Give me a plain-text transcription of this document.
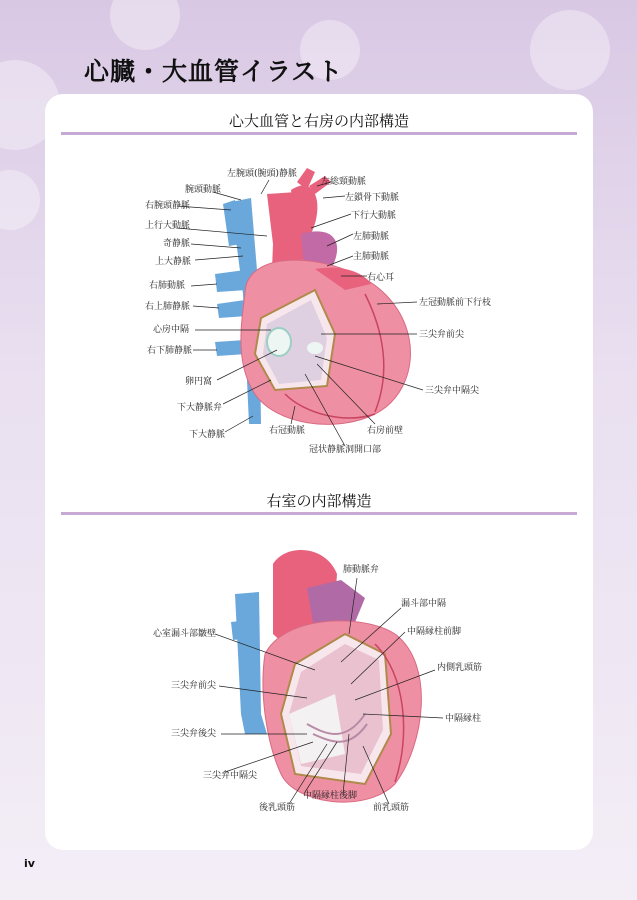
心臓・大血管イラスト
心大血管と右房の内部構造
右室の内部構造
左腕頭(腕頭)静脈
腕頭動脈
右腕頭静脈
上行大動脈
奇静脈
上大静脈
右肺動脈
右上肺静脈
心房中隔
右下肺静脈
卵円窩
下大静脈弁
下大静脈	右冠動脈
冠状静脈洞開口部
右房前壁
左総頸動脈
左鎖骨下動脈
下行大動脈
左肺動脈
主肺動脈
右心耳
左冠動脈前下行枝
三尖弁前尖
三尖弁中隔尖
肺動脈弁
漏斗部中隔
中隔縁柱前脚
内側乳頭筋
中隔縁柱
心室漏斗部皺壁
三尖弁前尖
三尖弁後尖
三尖弁中隔尖
後乳頭筋
中隔縁柱後脚
前乳頭筋
iv
